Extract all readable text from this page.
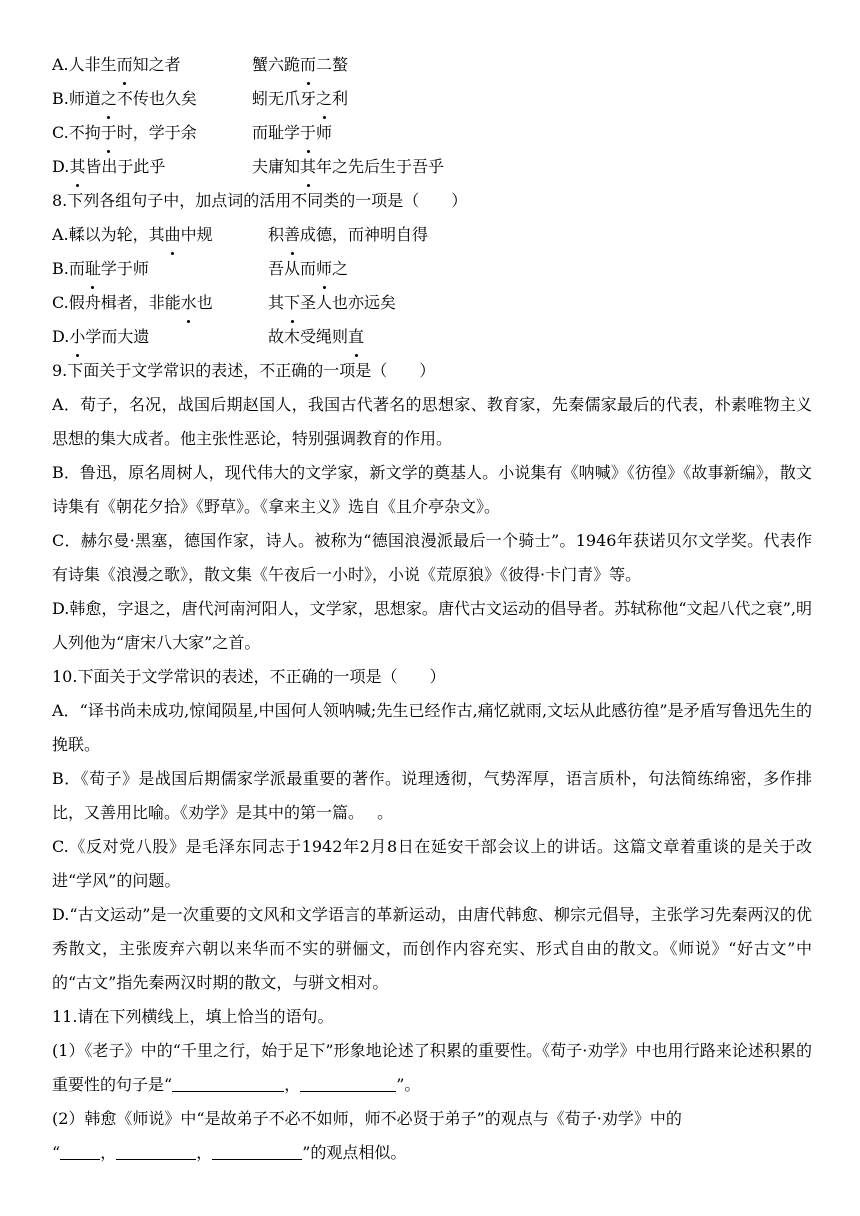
A.人非生而知之者	蟹六跪而二螯
B.师道之不传也久矣	蚓无爪牙之利
C.不拘于时，学于余	而耻学于师
D.其皆出于此乎	夫庸知其年之先后生于吾乎
8.下列各组句子中，加点词的活用不同类的一项是（　　）
A.輮以为轮，其曲中规	积善成德，而神明自得
B.而耻学于师	吾从而师之
C.假舟楫者，非能水也	其下圣人也亦远矣
D.小学而大遗	故木受绳则直
9.下面关于文学常识的表述，不正确的一项是（　　）

A．荀子，名况，战国后期赵国人，我国古代著名的思想家、教育家，先秦儒家最后的代表，朴素唯物主义思想的集大成者。他主张性恶论，特别强调教育的作用。

B．鲁迅，原名周树人，现代伟大的文学家，新文学的奠基人。小说集有《呐喊》《彷徨》《故事新编》，散文诗集有《朝花夕拾》《野草》。《拿来主义》选自《且介亭杂文》。

C．赫尔曼·黑塞，德国作家，诗人。被称为“德国浪漫派最后一个骑士”。1946年获诺贝尔文学奖。代表作有诗集《浪漫之歌》，散文集《午夜后一小时》，小说《荒原狼》《彼得·卡门青》等。

D.韩愈，字退之，唐代河南河阳人，文学家，思想家。唐代古文运动的倡导者。苏轼称他“文起八代之衰”,明人列他为“唐宋八大家”之首。

10.下面关于文学常识的表述，不正确的一项是（　　）

A．“译书尚未成功,惊闻陨星,中国何人领呐喊;先生已经作古,痛忆就雨,文坛从此感彷徨”是矛盾写鲁迅先生的挽联。

B．《荀子》是战国后期儒家学派最重要的著作。说理透彻，气势浑厚，语言质朴，句法简练绵密，多作排比，又善用比喻。《劝学》是其中的第一篇。　 。

C.《反对党八股》是毛泽东同志于1942年2月8日在延安干部会议上的讲话。这篇文章着重谈的是关于改进“学风”的问题。

D.“古文运动”是一次重要的文风和文学语言的革新运动，由唐代韩愈、柳宗元倡导，主张学习先秦两汉的优秀散文，主张废弃六朝以来华而不实的骈俪文，而创作内容充实、形式自由的散文。《师说》“好古文”中的“古文”指先秦两汉时期的散文，与骈文相对。

11.请在下列横线上，填上恰当的语句。

(1）《老子》中的“千里之行，始于足下”形象地论述了积累的重要性。《荀子·劝学》中也用行路来论述积累的重要性的句子是“	，	”。

(2）韩愈《师说》中“是故弟子不必不如师，师不必贤于弟子”的观点与《荀子·劝学》中的
“	，	，	”的观点相似。
